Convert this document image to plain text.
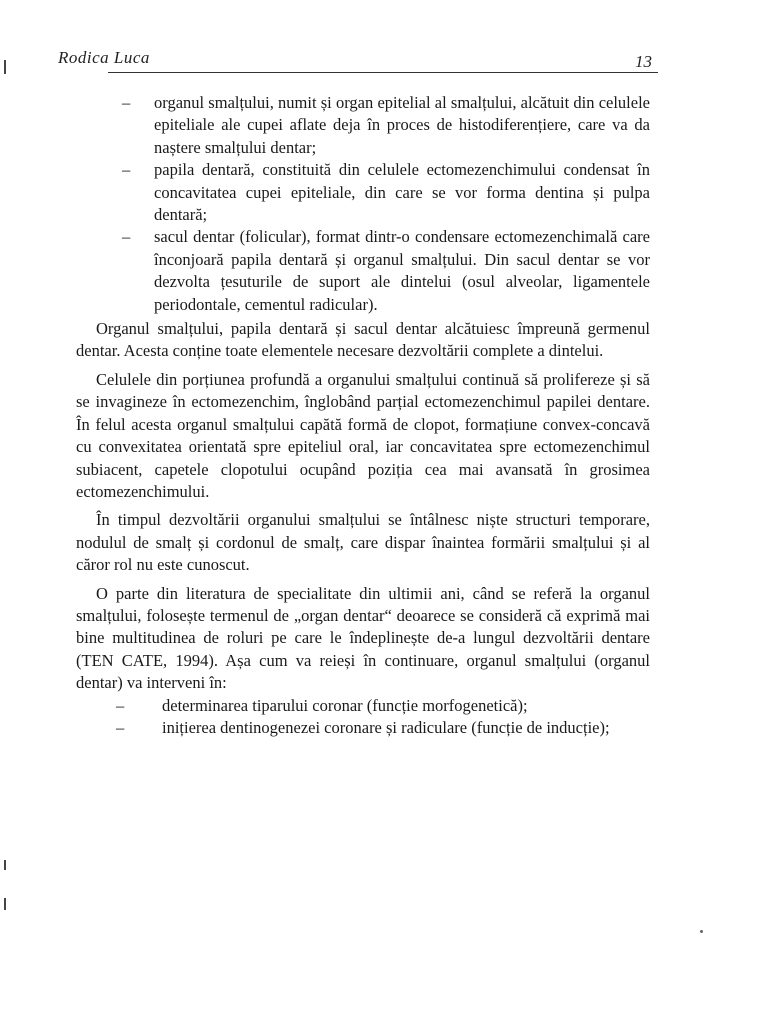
Rodica Luca	13

– organul smalțului, numit și organ epitelial al smalțului, alcătuit din celulele epiteliale ale cupei aflate deja în proces de histodiferențiere, care va da naștere smalțului dentar;

– papila dentară, constituită din celulele ectomezenchimului condensat în concavitatea cupei epiteliale, din care se vor forma dentina și pulpa dentară;

– sacul dentar (folicular), format dintr-o condensare ectomezenchimală care înconjoară papila dentară și organul smalțului. Din sacul dentar se vor dezvolta țesuturile de suport ale dintelui (osul alveolar, ligamentele periodontale, cementul radicular).

Organul smalțului, papila dentară și sacul dentar alcătuiesc împreună germenul dentar. Acesta conține toate elementele necesare dezvoltării complete a dintelui.

Celulele din porțiunea profundă a organului smalțului continuă să prolifereze și să se invagineze în ectomezenchim, înglobând parțial ectomezenchimul papilei dentare. În felul acesta organul smalțului capătă formă de clopot, formațiune convex-concavă cu convexitatea orientată spre epiteliul oral, iar concavitatea spre ectomezenchimul subiacent, capetele clopotului ocupând poziția cea mai avansată în grosimea ectomezenchimului.

În timpul dezvoltării organului smalțului se întâlnesc niște structuri temporare, nodulul de smalț și cordonul de smalț, care dispar înaintea formării smalțului și al căror rol nu este cunoscut.

O parte din literatura de specialitate din ultimii ani, când se referă la organul smalțului, folosește termenul de „organ dentar“ deoarece se consideră că exprimă mai bine multitudinea de roluri pe care le îndeplinește de-a lungul dezvoltării dentare (TEN CATE, 1994). Așa cum va reieși în continuare, organul smalțului (organul dentar) va interveni în:

– determinarea tiparului coronar (funcție morfogenetică);

– inițierea dentinogenezei coronare și radiculare (funcție de inducție);
